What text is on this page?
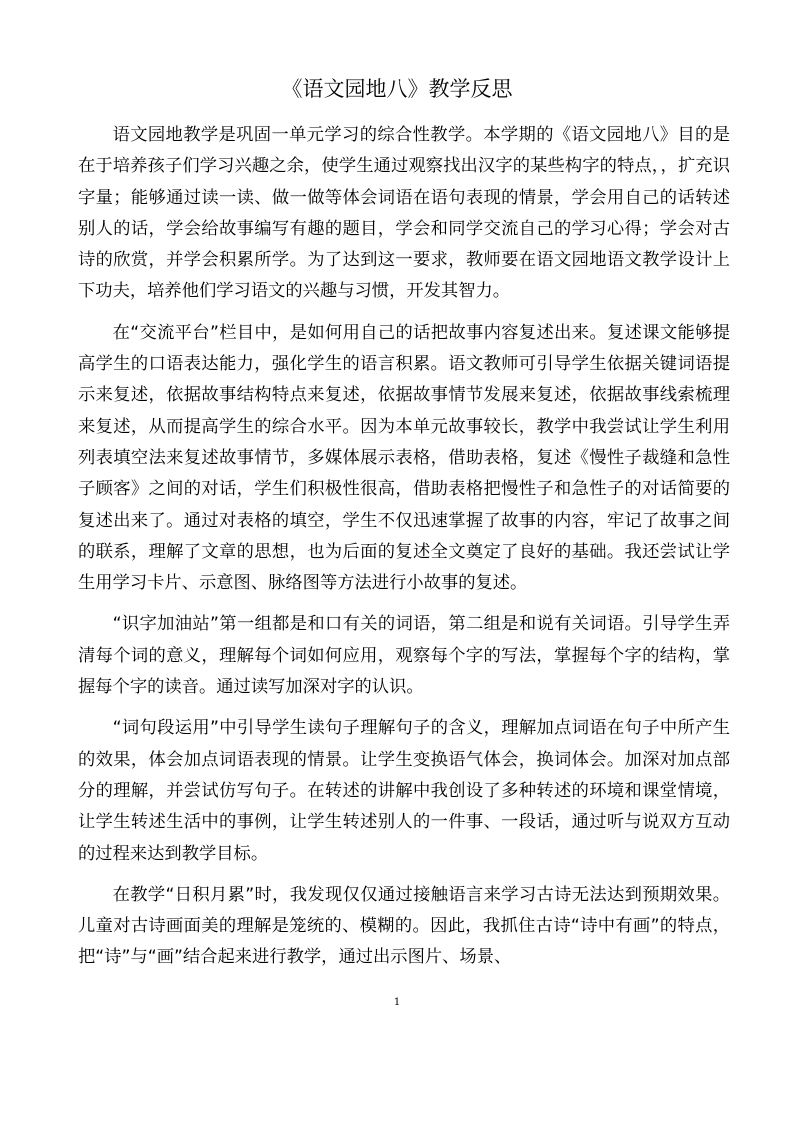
《语文园地八》教学反思

语文园地教学是巩固一单元学习的综合性教学。本学期的《语文园地八》目的是在于培养孩子们学习兴趣之余，使学生通过观察找出汉字的某些构字的特点，，扩充识字量；能够通过读一读、做一做等体会词语在语句表现的情景，学会用自己的话转述别人的话，学会给故事编写有趣的题目，学会和同学交流自己的学习心得；学会对古诗的欣赏，并学会积累所学。为了达到这一要求，教师要在语文园地语文教学设计上下功夫，培养他们学习语文的兴趣与习惯，开发其智力。

在“交流平台”栏目中，是如何用自己的话把故事内容复述出来。复述课文能够提高学生的口语表达能力，强化学生的语言积累。语文教师可引导学生依据关键词语提示来复述，依据故事结构特点来复述，依据故事情节发展来复述，依据故事线索梳理来复述，从而提高学生的综合水平。因为本单元故事较长，教学中我尝试让学生利用列表填空法来复述故事情节，多媒体展示表格，借助表格，复述《慢性子裁缝和急性子顾客》之间的对话，学生们积极性很高，借助表格把慢性子和急性子的对话简要的复述出来了。通过对表格的填空，学生不仅迅速掌握了故事的内容，牢记了故事之间的联系，理解了文章的思想，也为后面的复述全文奠定了良好的基础。我还尝试让学生用学习卡片、示意图、脉络图等方法进行小故事的复述。

“识字加油站”第一组都是和口有关的词语，第二组是和说有关词语。引导学生弄清每个词的意义，理解每个词如何应用，观察每个字的写法，掌握每个字的结构，掌握每个字的读音。通过读写加深对字的认识。

“词句段运用”中引导学生读句子理解句子的含义，理解加点词语在句子中所产生的效果，体会加点词语表现的情景。让学生变换语气体会，换词体会。加深对加点部分的理解，并尝试仿写句子。在转述的讲解中我创设了多种转述的环境和课堂情境，让学生转述生活中的事例，让学生转述别人的一件事、一段话，通过听与说双方互动的过程来达到教学目标。

在教学“日积月累”时，我发现仅仅通过接触语言来学习古诗无法达到预期效果。儿童对古诗画面美的理解是笼统的、模糊的。因此，我抓住古诗“诗中有画”的特点，把“诗”与“画”结合起来进行教学，通过出示图片、场景、

1
